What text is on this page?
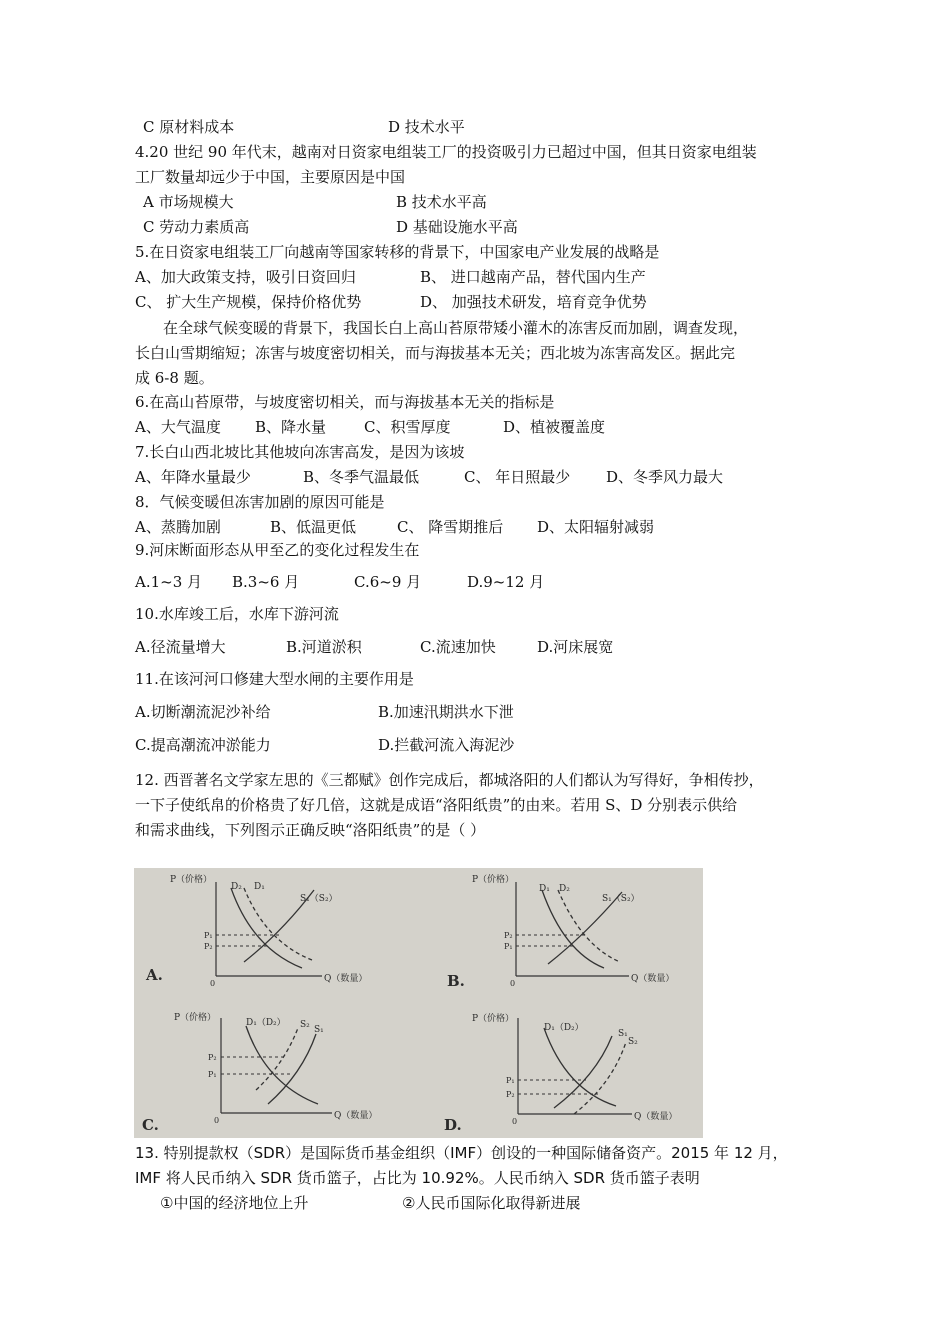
C 原材料成本	D 技术水平
4.20 世纪 90 年代末，越南对日资家电组装工厂的投资吸引力已超过中国，但其日资家电组装
工厂数量却远少于中国，主要原因是中国
A 市场规模大	B 技术水平高
C 劳动力素质高	D 基础设施水平高
5.在日资家电组装工厂向越南等国家转移的背景下，中国家电产业发展的战略是
A、加大政策支持，吸引日资回归	B、 进口越南产品，替代国内生产
C、 扩大生产规模，保持价格优势	D、 加强技术研发，培育竞争优势
在全球气候变暖的背景下，我国长白上高山苔原带矮小灌木的冻害反而加剧，调查发现，
长白山雪期缩短；冻害与坡度密切相关，而与海拔基本无关；西北坡为冻害高发区。据此完
成 6-8 题。
6.在高山苔原带，与坡度密切相关，而与海拔基本无关的指标是
A、大气温度 B、降水量	C、积雪厚度	D、植被覆盖度
7.长白山西北坡比其他坡向冻害高发，是因为该坡
A、年降水量最少	B、冬季气温最低	C、 年日照最少 D、冬季风力最大
8．气候变暖但冻害加剧的原因可能是
A、蒸腾加剧	B、低温更低	C、 降雪期推后 D、太阳辐射减弱
9.河床断面形态从甲至乙的变化过程发生在
A.1~3 月 B.3~6 月	C.6~9 月	D.9~12 月
10.水库竣工后，水库下游河流
A.径流量增大	B.河道淤积	C.流速加快	D.河床展宽
11.在该河河口修建大型水闸的主要作用是
A.切断潮流泥沙补给	B.加速汛期洪水下泄
C.提高潮流冲淤能力	D.拦截河流入海泥沙
12. 西晋著名文学家左思的《三都赋》创作完成后，都城洛阳的人们都认为写得好，争相传抄，
一下子使纸帛的价格贵了好几倍，这就是成语“洛阳纸贵”的由来。若用 S、D 分别表示供给
和需求曲线，下列图示正确反映“洛阳纸贵”的是（ ）
P（价格）
D₂ D₁
S₁（S₂）
P₁
P₂
0	Q（数量）
A.
P（价格）
D₁ D₂
S₁（S₂）
P₂
P₁
0	Q（数量）
B.
P（价格）	D₁（D₂） S₂ S₁
P₂
P₁
0	Q（数量）
C.
P（价格）
D₁（D₂）
S₁
S₂
P₁
P₂
0	Q（数量）
D.
13. 特别提款权（SDR）是国际货币基金组织（IMF）创设的一种国际储备资产。2015 年 12 月，
IMF 将人民币纳入 SDR 货币篮子，占比为 10.92%。人民币纳入 SDR 货币篮子表明
①中国的经济地位上升	②人民币国际化取得新进展
